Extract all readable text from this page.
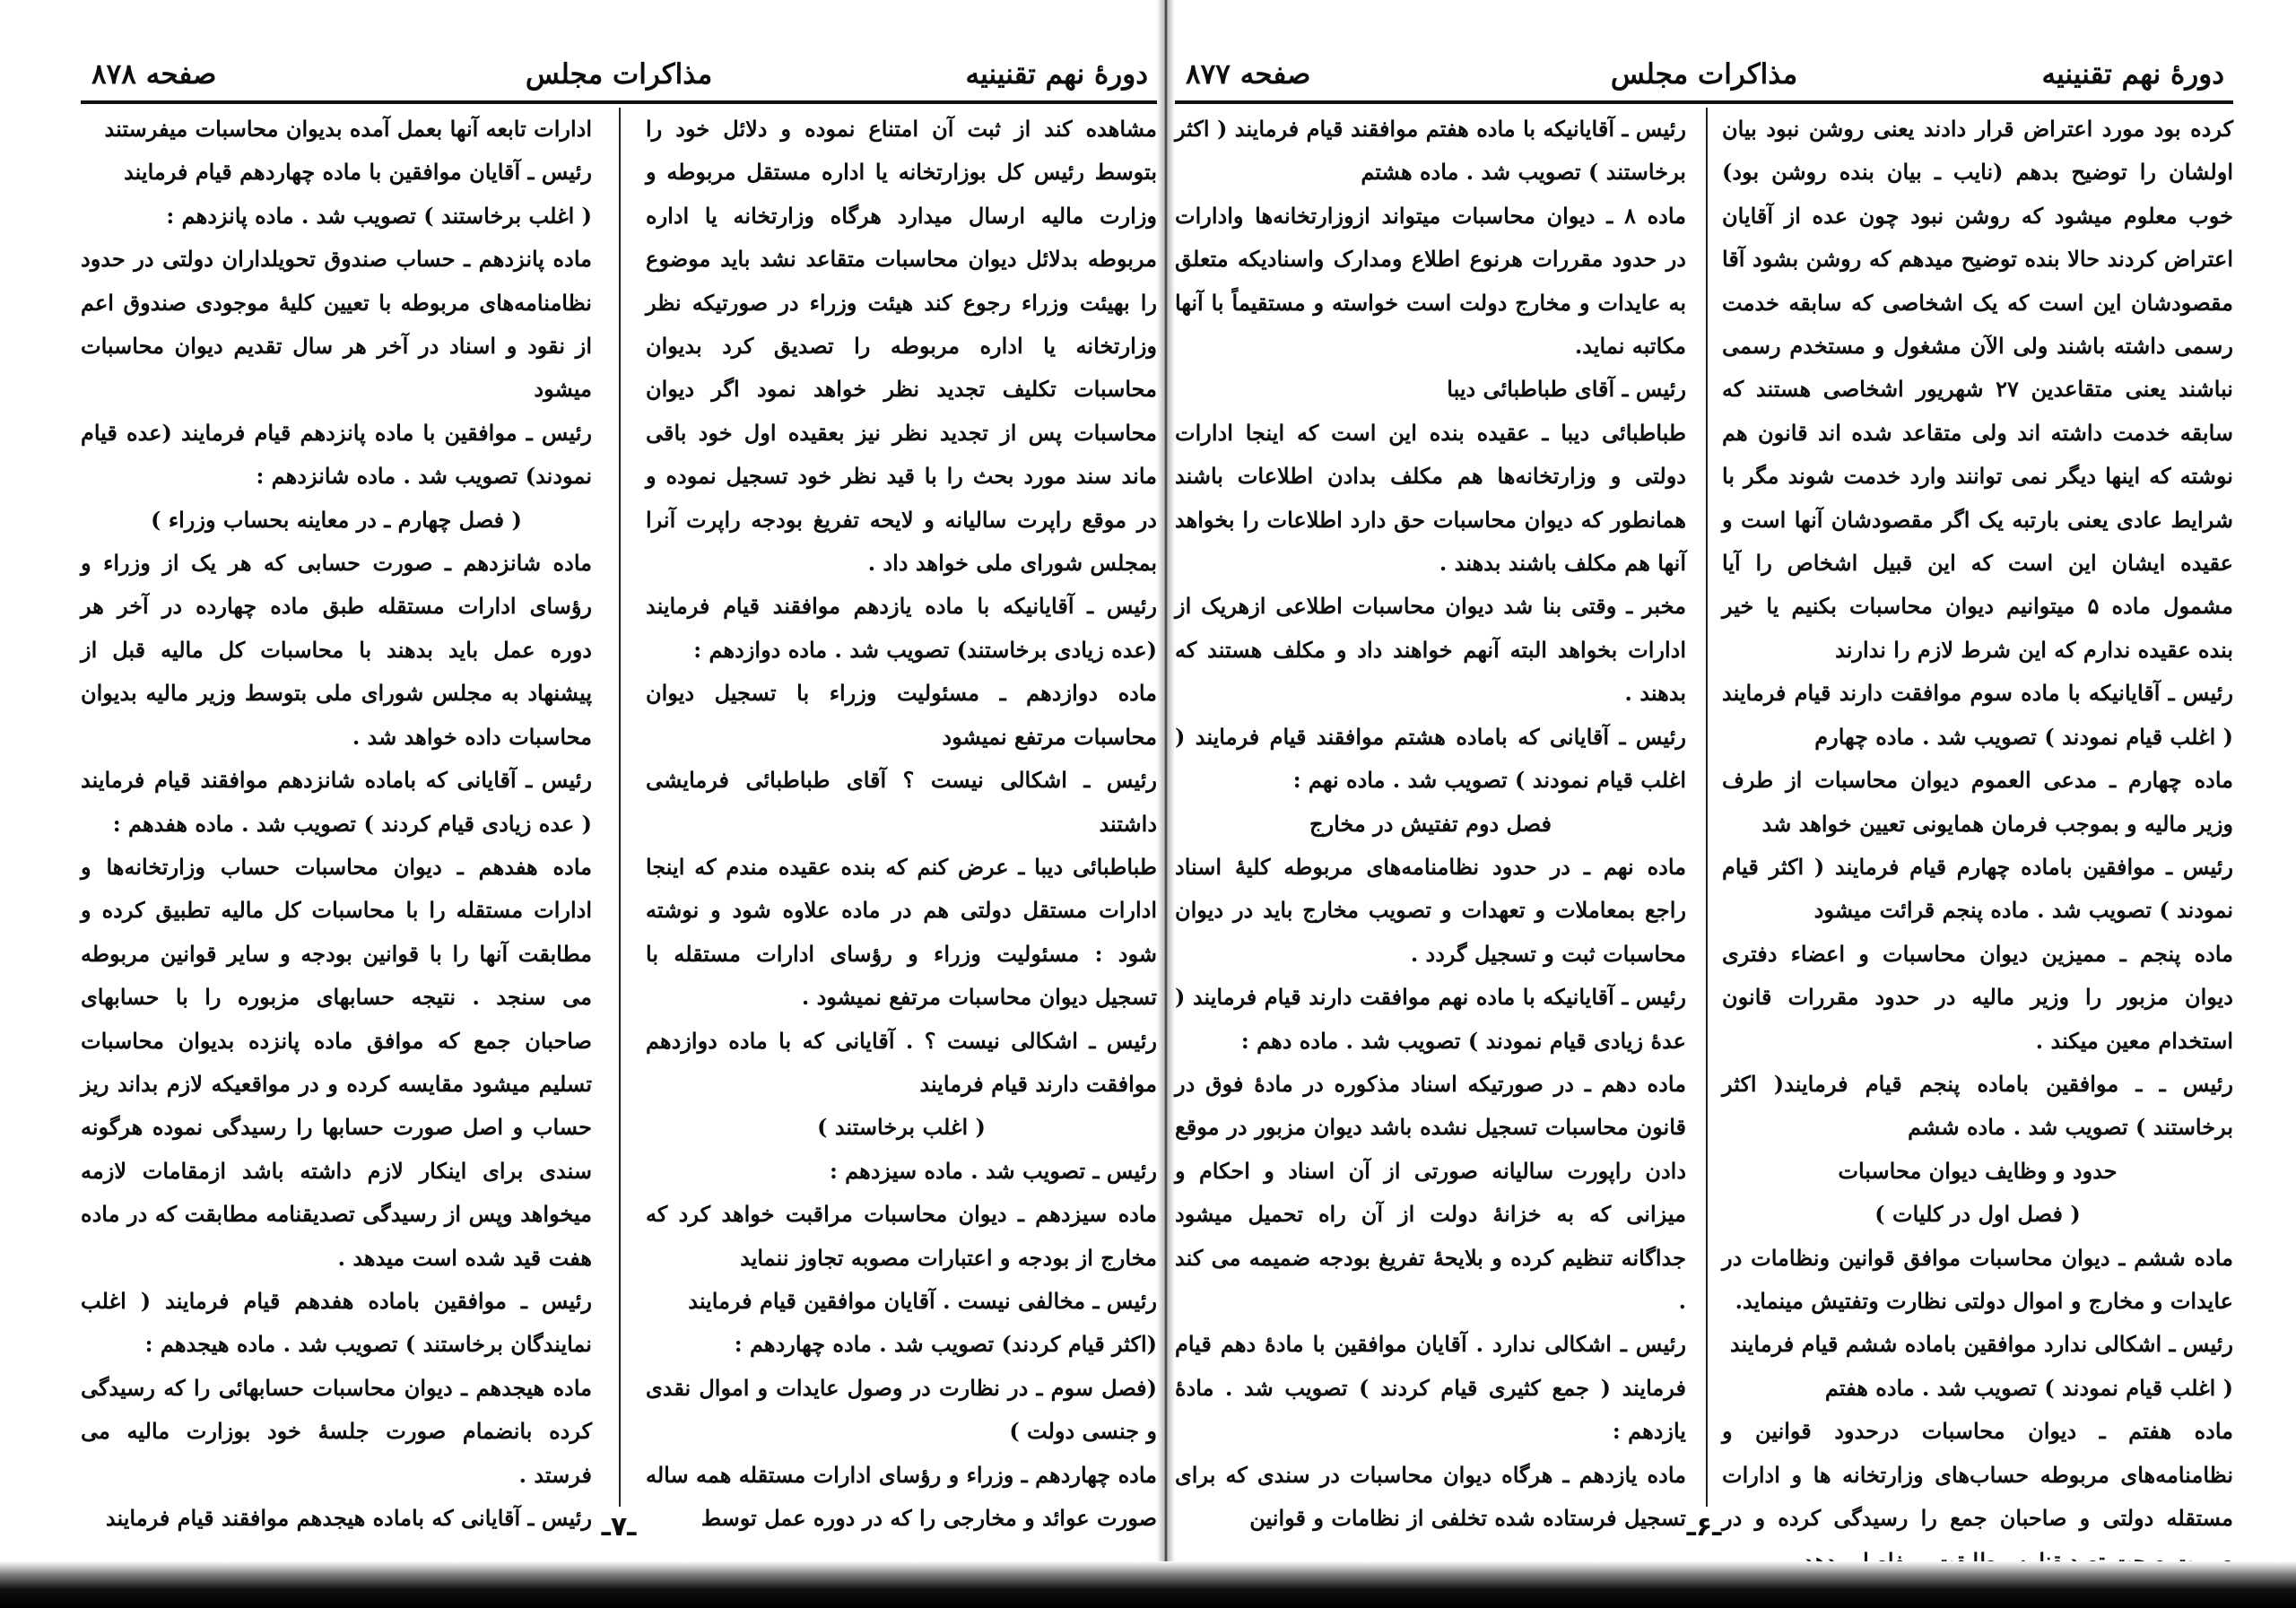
دورهٔ نهم تقنینیه
مذاکرات مجلس
صفحه ۸۷۸

مشاهده کند از ثبت آن امتناع نموده و دلائل خود را بتوسط رئیس کل بوزارتخانه یا اداره مستقل مربوطه و وزارت مالیه ارسال میدارد هرگاه وزارتخانه یا اداره مربوطه بدلائل دیوان محاسبات متقاعد نشد باید موضوع را بهیئت وزراء رجوع کند هیئت وزراء در صورتیکه نظر وزارتخانه یا اداره مربوطه را تصدیق کرد بدیوان محاسبات تکلیف تجدید نظر خواهد نمود اگر دیوان محاسبات پس از تجدید نظر نیز بعقیده اول خود باقی ماند سند مورد بحث را با قید نظر خود تسجیل نموده و در موقع راپرت سالیانه و لایحه تفریغ بودجه راپرت آنرا بمجلس شورای ملی خواهد داد .

رئیس ـ آقایانیکه با ماده یازدهم موافقند قیام فرمایند (عده زیادی برخاستند) تصویب شد . ماده دوازدهم :

ماده دوازدهم ـ مسئولیت وزراء با تسجیل دیوان محاسبات مرتفع نمیشود

رئیس ـ اشکالی نیست ؟ آقای طباطبائی فرمایشی داشتند

طباطبائی دیبا ـ عرض کنم که بنده عقیده مندم که اینجا ادارات مستقل دولتی هم در ماده علاوه شود و نوشته شود : مسئولیت وزراء و رؤسای ادارات مستقله با تسجیل دیوان محاسبات مرتفع نمیشود .

رئیس ـ اشکالی نیست ؟ . آقایانی که با ماده دوازدهم موافقت دارند قیام فرمایند

( اغلب برخاستند )

رئیس ـ تصویب شد . ماده سیزدهم :

ماده سیزدهم ـ دیوان محاسبات مراقبت خواهد کرد که مخارج از بودجه و اعتبارات مصوبه تجاوز ننماید

رئیس ـ مخالفی نیست . آقایان موافقین قیام فرمایند

(اکثر قیام کردند) تصویب شد . ماده چهاردهم :

(فصل سوم ـ در نظارت در وصول عایدات و اموال نقدی و جنسی دولت )

ماده چهاردهم ـ وزراء و رؤسای ادارات مستقله همه ساله صورت عوائد و مخارجی را که در دوره عمل توسط

ادارات تابعه آنها بعمل آمده بدیوان محاسبات میفرستند

رئیس ـ آقایان موافقین با ماده چهاردهم قیام فرمایند

( اغلب برخاستند ) تصویب شد . ماده پانزدهم :

ماده پانزدهم ـ حساب صندوق تحویلداران دولتی در حدود نظامنامه‌های مربوطه با تعیین کلیهٔ موجودی صندوق اعم از نقود و اسناد در آخر هر سال تقدیم دیوان محاسبات میشود

رئیس ـ موافقین با ماده پانزدهم قیام فرمایند (عده قیام نمودند) تصویب شد . ماده شانزدهم :

( فصل چهارم ـ در معاینه بحساب وزراء )

ماده شانزدهم ـ صورت حسابی که هر یک از وزراء و رؤسای ادارات مستقله طبق ماده چهارده در آخر هر دوره عمل باید بدهند با محاسبات کل مالیه قبل از پیشنهاد به مجلس شورای ملی بتوسط وزیر مالیه بدیوان محاسبات داده خواهد شد .

رئیس ـ آقایانی که باماده شانزدهم موافقند قیام فرمایند ( عده زیادی قیام کردند ) تصویب شد . ماده هفدهم :

ماده هفدهم ـ دیوان محاسبات حساب وزارتخانه‌ها و ادارات مستقله را با محاسبات کل مالیه تطبیق کرده و مطابقت آنها را با قوانین بودجه و سایر قوانین مربوطه می سنجد . نتیجه حسابهای مزبوره را با حسابهای صاحبان جمع که موافق ماده پانزده بدیوان محاسبات تسلیم میشود مقایسه کرده و در مواقعیکه لازم بداند ریز حساب و اصل صورت حسابها را رسیدگی نموده هرگونه سندی برای اینکار لازم داشته باشد ازمقامات لازمه میخواهد وپس از رسیدگی تصدیقنامه مطابقت که در ماده هفت قید شده است میدهد .

رئیس ـ موافقین باماده هفدهم قیام فرمایند ( اغلب نمایندگان برخاستند ) تصویب شد . ماده هیجدهم :

ماده هیجدهم ـ دیوان محاسبات حسابهائی را که رسیدگی کرده بانضمام صورت جلسهٔ خود بوزارت مالیه می فرستد .

رئیس ـ آقایانی که باماده هیجدهم موافقند قیام فرمایند ـ۷ـ
دورهٔ نهم تقنینیه
مذاکرات مجلس
صفحه ۸۷۷

کرده بود مورد اعتراض قرار دادند یعنی روشن نبود بیان اولشان را توضیح بدهم (نایب ـ بیان بنده روشن بود) خوب معلوم میشود که روشن نبود چون عده از آقایان اعتراض کردند حالا بنده توضیح میدهم که روشن بشود آقا مقصودشان این است که یک اشخاصی که سابقه خدمت رسمی داشته باشند ولی الآن مشغول و مستخدم رسمی نباشند یعنی متقاعدین ۲۷ شهریور اشخاصی هستند که سابقه خدمت داشته اند ولی متقاعد شده اند قانون هم نوشته که اینها دیگر نمی توانند وارد خدمت شوند مگر با شرایط عادی یعنی بارتبه یک اگر مقصودشان آنها است و عقیده ایشان این است که این قبیل اشخاص را آیا مشمول ماده ۵ میتوانیم دیوان محاسبات بکنیم یا خیر بنده عقیده ندارم که این شرط لازم را ندارند

رئیس ـ آقایانیکه با ماده سوم موافقت دارند قیام فرمایند ( اغلب قیام نمودند ) تصویب شد . ماده چهارم

ماده چهارم ـ مدعی العموم دیوان محاسبات از طرف وزیر مالیه و بموجب فرمان همایونی تعیین خواهد شد

رئیس ـ موافقین باماده چهارم قیام فرمایند ( اکثر قیام نمودند ) تصویب شد . ماده پنجم قرائت میشود

ماده پنجم ـ ممیزین دیوان محاسبات و اعضاء دفتری دیوان مزبور را وزیر مالیه در حدود مقررات قانون استخدام معین میکند .

رئیس ـ ـ موافقین باماده پنجم قیام فرمایند( اکثر برخاستند ) تصویب شد . ماده ششم

حدود و وظایف دیوان محاسبات

( فصل اول در کلیات )

ماده ششم ـ دیوان محاسبات موافق قوانین ونظامات در عایدات و مخارج و اموال دولتی نظارت وتفتیش مینماید.

رئیس ـ اشکالی ندارد موافقین باماده ششم قیام فرمایند

( اغلب قیام نمودند ) تصویب شد . ماده هفتم

ماده هفتم ـ دیوان محاسبات درحدود قوانین و نظامنامه‌های مربوطه حساب‌های وزارتخانه ها و ادارات مستقله دولتی و صاحبان جمع را رسیدگی کرده و در

رئیس ـ آقایانیکه با ماده هفتم موافقند قیام فرمایند ( اکثر برخاستند ) تصویب شد . ماده هشتم

ماده ۸ ـ دیوان محاسبات میتواند ازوزارتخانه‌ها وادارات در حدود مقررات هرنوع اطلاع ومدارک واسنادیکه متعلق به عایدات و مخارج دولت است خواسته و مستقیماً با آنها مکاتبه نماید.

رئیس ـ آقای طباطبائی دیبا

طباطبائی دیبا ـ عقیده بنده این است که اینجا ادارات دولتی و وزارتخانه‌ها هم مکلف بدادن اطلاعات باشند همانطور که دیوان محاسبات حق دارد اطلاعات را بخواهد آنها هم مکلف باشند بدهند .

مخبر ـ وقتی بنا شد دیوان محاسبات اطلاعی ازهریک از ادارات بخواهد البته آنهم خواهند داد و مکلف هستند که بدهند .

رئیس ـ آقایانی که باماده هشتم موافقند قیام فرمایند ( اغلب قیام نمودند ) تصویب شد . ماده نهم :

فصل دوم تفتیش در مخارج

ماده نهم ـ در حدود نظامنامه‌های مربوطه کلیهٔ اسناد راجع بمعاملات و تعهدات و تصویب مخارج باید در دیوان محاسبات ثبت و تسجیل گردد .

رئیس ـ آقایانیکه با ماده نهم موافقت دارند قیام فرمایند ( عدهٔ زیادی قیام نمودند ) تصویب شد . ماده دهم :

ماده دهم ـ در صورتیکه اسناد مذکوره در مادهٔ فوق در قانون محاسبات تسجیل نشده باشد دیوان مزبور در موقع دادن راپورت سالیانه صورتی از آن اسناد و احکام و میزانی که به خزانهٔ دولت از آن راه تحمیل میشود جداگانه تنظیم کرده و بلایحهٔ تفریغ بودجه ضمیمه می کند .

رئیس ـ اشکالی ندارد . آقایان موافقین با مادهٔ دهم قیام فرمایند ( جمع کثیری قیام کردند ) تصویب شد . مادهٔ یازدهم :

ماده یازدهم ـ هرگاه دیوان محاسبات در سندی که برای تسجیل فرستاده شده تخلفی از نظامات و قوانین ـ۶ـ
